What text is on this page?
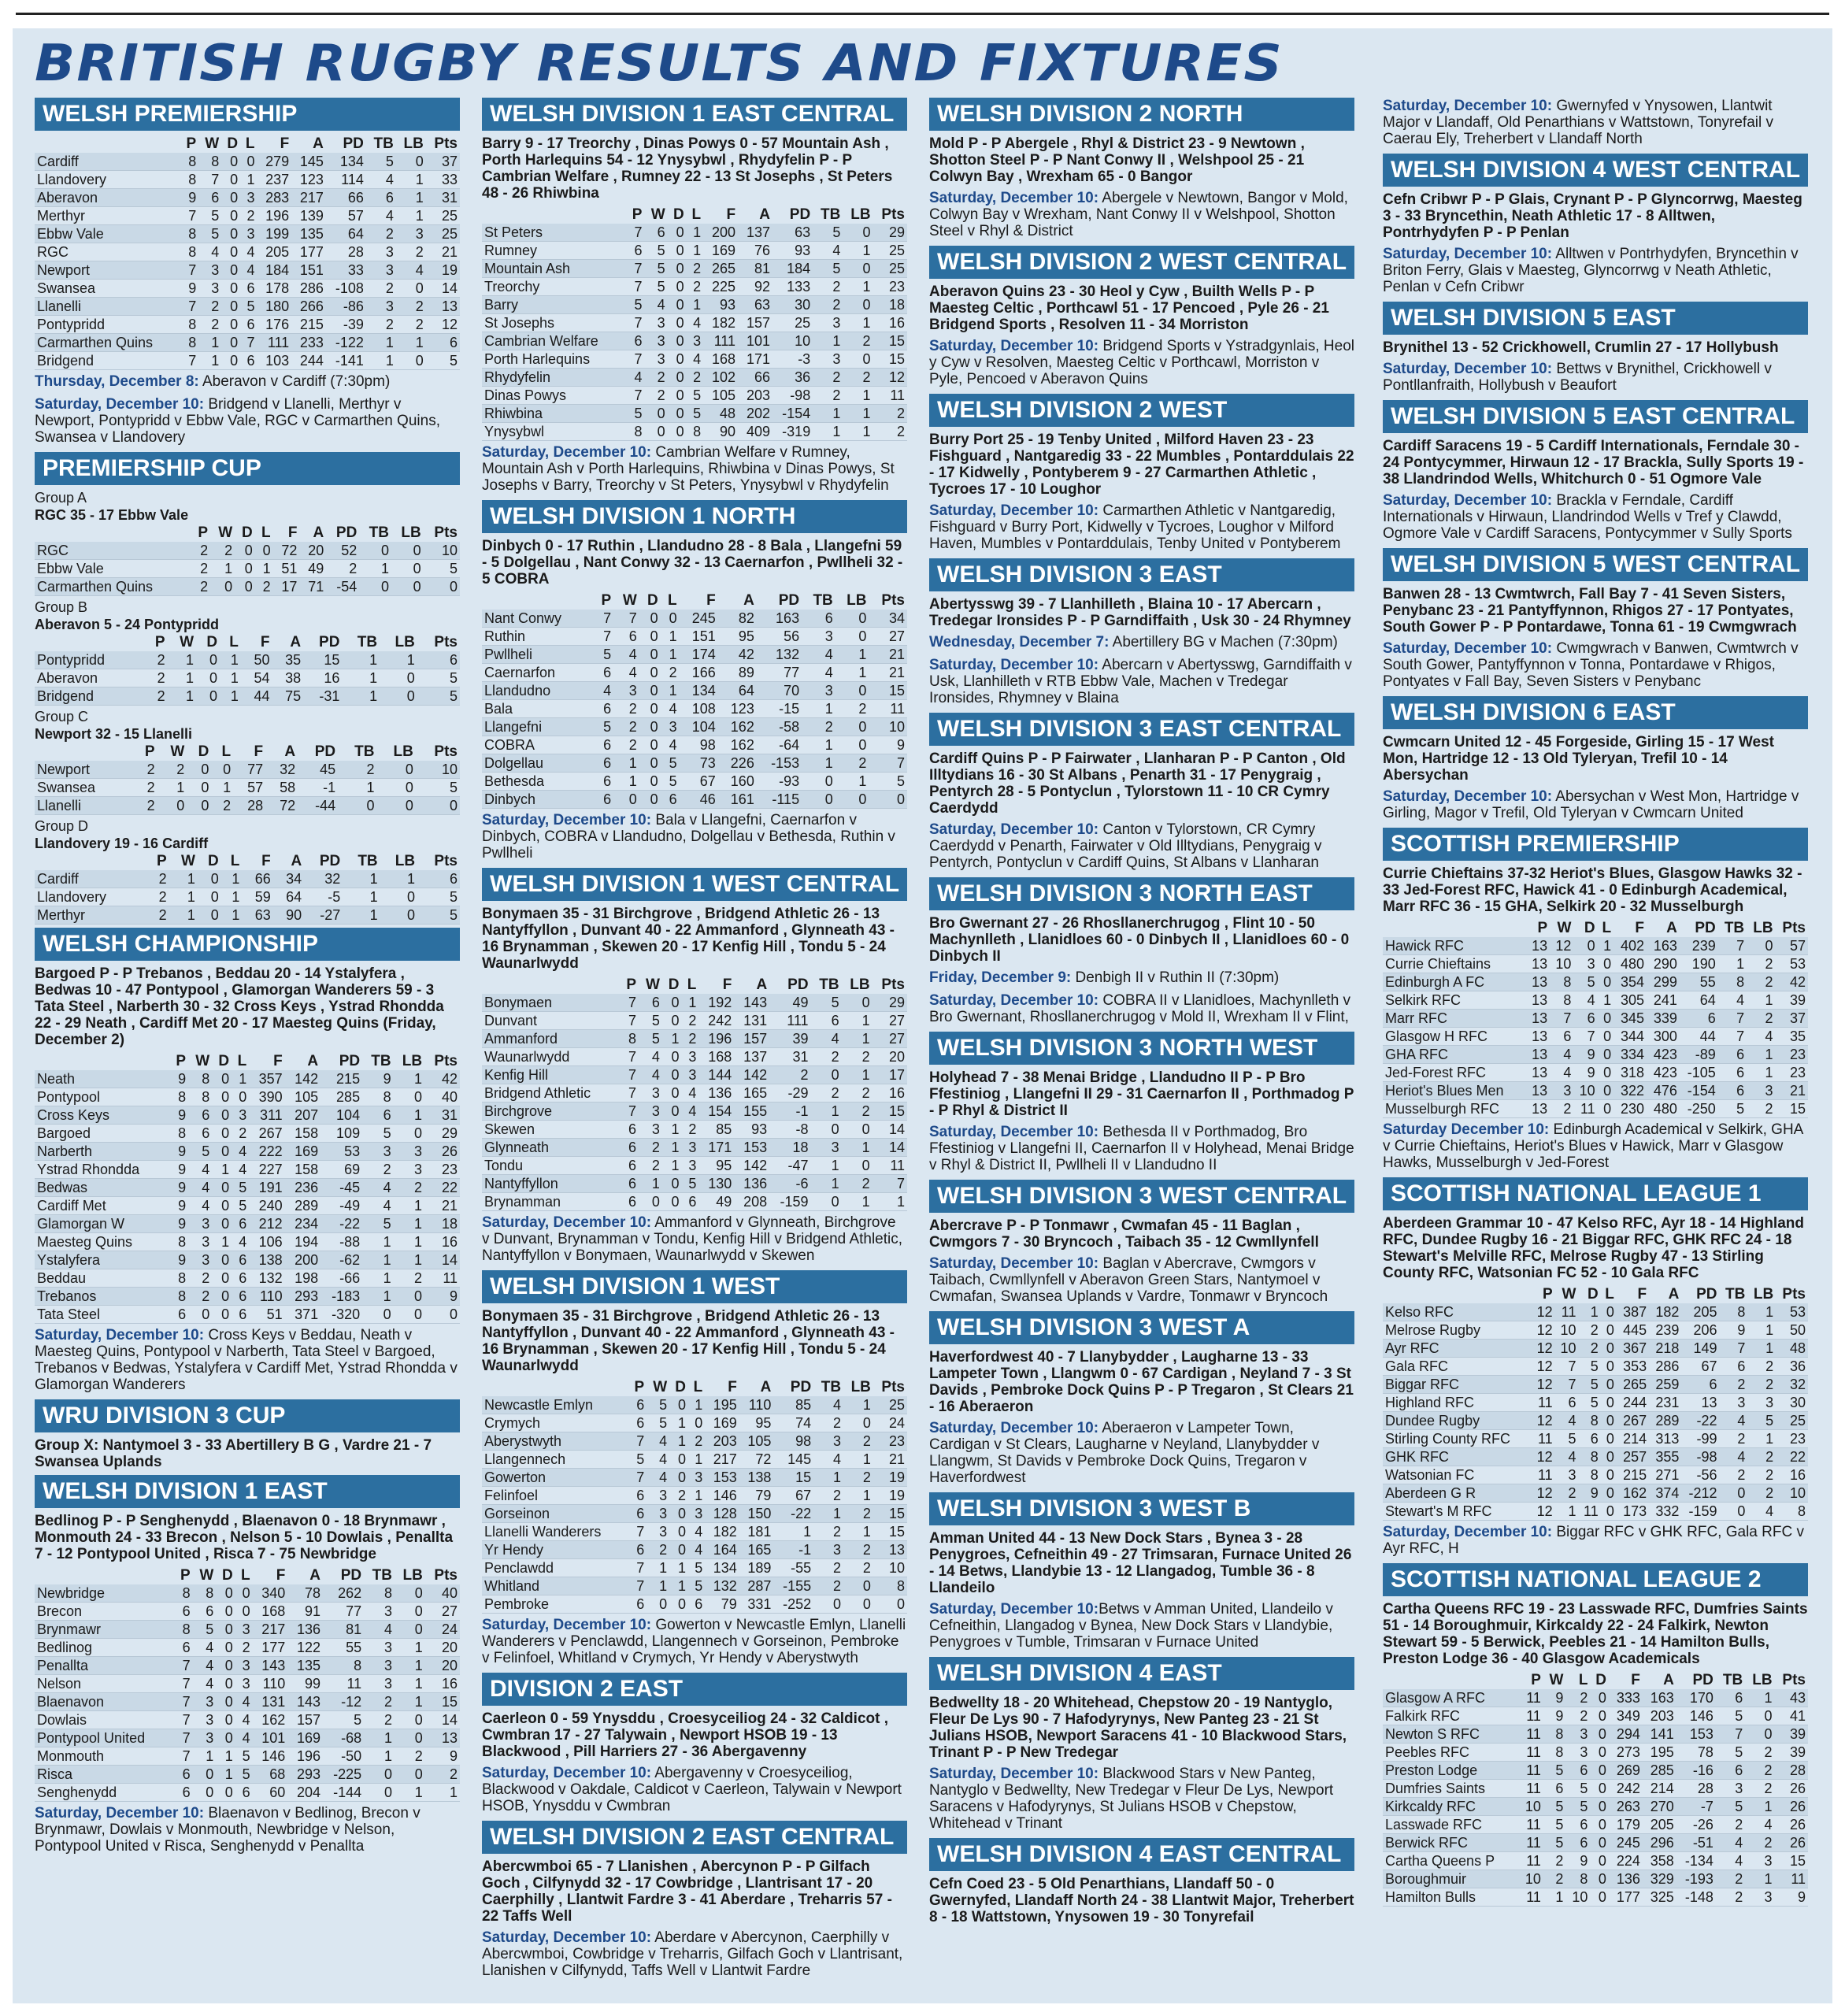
BRITISH RUGBY RESULTS AND FIXTURES
WELSH PREMIERSHIP
	P	W	D	L	F	A	PD	TB	LB	Pts
Cardiff	8	8	0	0	279	145	134	5	0	37
Llandovery	8	7	0	1	237	123	114	4	1	33
Aberavon	9	6	0	3	283	217	66	6	1	31
Merthyr	7	5	0	2	196	139	57	4	1	25
Ebbw Vale	8	5	0	3	199	135	64	2	3	25
RGC	8	4	0	4	205	177	28	3	2	21
Newport	7	3	0	4	184	151	33	3	4	19
Swansea	9	3	0	6	178	286	-108	2	0	14
Llanelli	7	2	0	5	180	266	-86	3	2	13
Pontypridd	8	2	0	6	176	215	-39	2	2	12
Carmarthen Quins	8	1	0	7	111	233	-122	1	1	6
Bridgend	7	1	0	6	103	244	-141	1	0	5
Thursday, December 8: Aberavon v Cardiff (7:30pm)
Saturday, December 10: Bridgend v Llanelli, Merthyr v Newport, Pontypridd v Ebbw Vale, RGC v Carmarthen Quins, Swansea v Llandovery
PREMIERSHIP CUP
Group A
RGC 35 - 17 Ebbw Vale
	P	W	D	L	F	A	PD	TB	LB	Pts
RGC	2	2	0	0	72	20	52	0	0	10
Ebbw Vale	2	1	0	1	51	49	2	1	0	5
Carmarthen Quins	2	0	0	2	17	71	-54	0	0	0
Group B
Aberavon 5 - 24 Pontypridd
	P	W	D	L	F	A	PD	TB	LB	Pts
Pontypridd	2	1	0	1	50	35	15	1	1	6
Aberavon	2	1	0	1	54	38	16	1	0	5
Bridgend	2	1	0	1	44	75	-31	1	0	5
Group C
Newport 32 - 15 Llanelli
	P	W	D	L	F	A	PD	TB	LB	Pts
Newport	2	2	0	0	77	32	45	2	0	10
Swansea	2	1	0	1	57	58	-1	1	0	5
Llanelli	2	0	0	2	28	72	-44	0	0	0
Group D
Llandovery 19 - 16 Cardiff
	P	W	D	L	F	A	PD	TB	LB	Pts
Cardiff	2	1	0	1	66	34	32	1	1	6
Llandovery	2	1	0	1	59	64	-5	1	0	5
Merthyr	2	1	0	1	63	90	-27	1	0	5
WELSH CHAMPIONSHIP
Bargoed P - P Trebanos , Beddau 20 - 14 Ystalyfera , Bedwas 10 - 47 Pontypool , Glamorgan Wanderers 59 - 3 Tata Steel , Narberth 30 - 32 Cross Keys , Ystrad Rhondda 22 - 29 Neath , Cardiff Met 20 - 17 Maesteg Quins (Friday, December 2)
	P	W	D	L	F	A	PD	TB	LB	Pts
Neath	9	8	0	1	357	142	215	9	1	42
Pontypool	8	8	0	0	390	105	285	8	0	40
Cross Keys	9	6	0	3	311	207	104	6	1	31
Bargoed	8	6	0	2	267	158	109	5	0	29
Narberth	9	5	0	4	222	169	53	3	3	26
Ystrad Rhondda	9	4	1	4	227	158	69	2	3	23
Bedwas	9	4	0	5	191	236	-45	4	2	22
Cardiff Met	9	4	0	5	240	289	-49	4	1	21
Glamorgan W	9	3	0	6	212	234	-22	5	1	18
Maesteg Quins	8	3	1	4	106	194	-88	1	1	16
Ystalyfera	9	3	0	6	138	200	-62	1	1	14
Beddau	8	2	0	6	132	198	-66	1	2	11
Trebanos	8	2	0	6	110	293	-183	1	0	9
Tata Steel	6	0	0	6	51	371	-320	0	0	0
Saturday, December 10: Cross Keys v Beddau, Neath v Maesteg Quins, Pontypool v Narberth, Tata Steel v Bargoed, Trebanos v Bedwas, Ystalyfera v Cardiff Met, Ystrad Rhondda v Glamorgan Wanderers
WRU DIVISION 3 CUP
Group X: Nantymoel 3 - 33 Abertillery B G , Vardre 21 - 7 Swansea Uplands
WELSH DIVISION 1 EAST
Bedlinog P - P Senghenydd , Blaenavon 0 - 18 Brynmawr , Monmouth 24 - 33 Brecon , Nelson 5 - 10 Dowlais , Penallta 7 - 12 Pontypool United , Risca 7 - 75 Newbridge
	P	W	D	L	F	A	PD	TB	LB	Pts
Newbridge	8	8	0	0	340	78	262	8	0	40
Brecon	6	6	0	0	168	91	77	3	0	27
Brynmawr	8	5	0	3	217	136	81	4	0	24
Bedlinog	6	4	0	2	177	122	55	3	1	20
Penallta	7	4	0	3	143	135	8	3	1	20
Nelson	7	4	0	3	110	99	11	3	1	16
Blaenavon	7	3	0	4	131	143	-12	2	1	15
Dowlais	7	3	0	4	162	157	5	2	0	14
Pontypool United	7	3	0	4	101	169	-68	1	0	13
Monmouth	7	1	1	5	146	196	-50	1	2	9
Risca	6	0	1	5	68	293	-225	0	0	2
Senghenydd	6	0	0	6	60	204	-144	0	1	1
Saturday, December 10: Blaenavon v Bedlinog, Brecon v Brynmawr, Dowlais v Monmouth, Newbridge v Nelson, Pontypool United v Risca, Senghenydd v Penallta
WELSH DIVISION 1 EAST CENTRAL
Barry 9 - 17 Treorchy , Dinas Powys 0 - 57 Mountain Ash , Porth Harlequins 54 - 12 Ynysybwl , Rhydyfelin P - P Cambrian Welfare , Rumney 22 - 13 St Josephs , St Peters 48 - 26 Rhiwbina
	P	W	D	L	F	A	PD	TB	LB	Pts
St Peters	7	6	0	1	200	137	63	5	0	29
Rumney	6	5	0	1	169	76	93	4	1	25
Mountain Ash	7	5	0	2	265	81	184	5	0	25
Treorchy	7	5	0	2	225	92	133	2	1	23
Barry	5	4	0	1	93	63	30	2	0	18
St Josephs	7	3	0	4	182	157	25	3	1	16
Cambrian Welfare	6	3	0	3	111	101	10	1	2	15
Porth Harlequins	7	3	0	4	168	171	-3	3	0	15
Rhydyfelin	4	2	0	2	102	66	36	2	2	12
Dinas Powys	7	2	0	5	105	203	-98	2	1	11
Rhiwbina	5	0	0	5	48	202	-154	1	1	2
Ynysybwl	8	0	0	8	90	409	-319	1	1	2
Saturday, December 10: Cambrian Welfare v Rumney, Mountain Ash v Porth Harlequins, Rhiwbina v Dinas Powys, St Josephs v Barry, Treorchy v St Peters, Ynysybwl v Rhydyfelin
WELSH DIVISION 1 NORTH
Dinbych 0 - 17 Ruthin , Llandudno 28 - 8 Bala , Llangefni 59 - 5 Dolgellau , Nant Conwy 32 - 13 Caernarfon , Pwllheli 32 - 5 COBRA
	P	W	D	L	F	A	PD	TB	LB	Pts
Nant Conwy	7	7	0	0	245	82	163	6	0	34
Ruthin	7	6	0	1	151	95	56	3	0	27
Pwllheli	5	4	0	1	174	42	132	4	1	21
Caernarfon	6	4	0	2	166	89	77	4	1	21
Llandudno	4	3	0	1	134	64	70	3	0	15
Bala	6	2	0	4	108	123	-15	1	2	11
Llangefni	5	2	0	3	104	162	-58	2	0	10
COBRA	6	2	0	4	98	162	-64	1	0	9
Dolgellau	6	1	0	5	73	226	-153	1	2	7
Bethesda	6	1	0	5	67	160	-93	0	1	5
Dinbych	6	0	0	6	46	161	-115	0	0	0
Saturday, December 10: Bala v Llangefni, Caernarfon v Dinbych, COBRA v Llandudno, Dolgellau v Bethesda, Ruthin v Pwllheli
WELSH DIVISION 1 WEST CENTRAL
Bonymaen 35 - 31 Birchgrove , Bridgend Athletic 26 - 13 Nantyffyllon , Dunvant 40 - 22 Ammanford , Glynneath 43 - 16 Brynamman , Skewen 20 - 17 Kenfig Hill , Tondu 5 - 24 Waunarlwydd
	P	W	D	L	F	A	PD	TB	LB	Pts
Bonymaen	7	6	0	1	192	143	49	5	0	29
Dunvant	7	5	0	2	242	131	111	6	1	27
Ammanford	8	5	1	2	196	157	39	4	1	27
Waunarlwydd	7	4	0	3	168	137	31	2	2	20
Kenfig Hill	7	4	0	3	144	142	2	0	1	17
Bridgend Athletic	7	3	0	4	136	165	-29	2	2	16
Birchgrove	7	3	0	4	154	155	-1	1	2	15
Skewen	6	3	1	2	85	93	-8	0	0	14
Glynneath	6	2	1	3	171	153	18	3	1	14
Tondu	6	2	1	3	95	142	-47	1	0	11
Nantyffyllon	6	1	0	5	130	136	-6	1	2	7
Brynamman	6	0	0	6	49	208	-159	0	1	1
Saturday, December 10: Ammanford v Glynneath, Birchgrove v Dunvant, Brynamman v Tondu, Kenfig Hill v Bridgend Athletic, Nantyffyllon v Bonymaen, Waunarlwydd v Skewen
WELSH DIVISION 1 WEST
Bonymaen 35 - 31 Birchgrove , Bridgend Athletic 26 - 13 Nantyffyllon , Dunvant 40 - 22 Ammanford , Glynneath 43 - 16 Brynamman , Skewen 20 - 17 Kenfig Hill , Tondu 5 - 24 Waunarlwydd
	P	W	D	L	F	A	PD	TB	LB	Pts
Newcastle Emlyn	6	5	0	1	195	110	85	4	1	25
Crymych	6	5	1	0	169	95	74	2	0	24
Aberystwyth	7	4	1	2	203	105	98	3	2	23
Llangennech	5	4	0	1	217	72	145	4	1	21
Gowerton	7	4	0	3	153	138	15	1	2	19
Felinfoel	6	3	2	1	146	79	67	2	1	19
Gorseinon	6	3	0	3	128	150	-22	1	2	15
Llanelli Wanderers	7	3	0	4	182	181	1	2	1	15
Yr Hendy	6	2	0	4	164	165	-1	3	2	13
Penclawdd	7	1	1	5	134	189	-55	2	2	10
Whitland	7	1	1	5	132	287	-155	2	0	8
Pembroke	6	0	0	6	79	331	-252	0	0	0
Saturday, December 10: Gowerton v Newcastle Emlyn, Llanelli Wanderers v Penclawdd, Llangennech v Gorseinon, Pembroke v Felinfoel, Whitland v Crymych, Yr Hendy v Aberystwyth
DIVISION 2 EAST
Caerleon 0 - 59 Ynysddu , Croesyceiliog 24 - 32 Caldicot , Cwmbran 17 - 27 Talywain , Newport HSOB 19 - 13 Blackwood , Pill Harriers 27 - 36 Abergavenny
Saturday, December 10: Abergavenny v Croesyceiliog, Blackwood v Oakdale, Caldicot v Caerleon, Talywain v Newport HSOB, Ynysddu v Cwmbran
WELSH DIVISION 2 EAST CENTRAL
Abercwmboi 65 - 7 Llanishen , Abercynon P - P Gilfach Goch , Cilfynydd 32 - 17 Cowbridge , Llantrisant 17 - 20 Caerphilly , Llantwit Fardre 3 - 41 Aberdare , Treharris 57 - 22 Taffs Well
Saturday, December 10: Aberdare v Abercynon, Caerphilly v Abercwmboi, Cowbridge v Treharris, Gilfach Goch v Llantrisant, Llanishen v Cilfynydd, Taffs Well v Llantwit Fardre
WELSH DIVISION 2 NORTH
Mold P - P Abergele , Rhyl & District 23 - 9 Newtown , Shotton Steel P - P Nant Conwy II , Welshpool 25 - 21 Colwyn Bay , Wrexham 65 - 0 Bangor
Saturday, December 10: Abergele v Newtown, Bangor v Mold, Colwyn Bay v Wrexham, Nant Conwy II v Welshpool, Shotton Steel v Rhyl & District
WELSH DIVISION 2 WEST CENTRAL
Aberavon Quins 23 - 30 Heol y Cyw , Builth Wells P - P Maesteg Celtic , Porthcawl 51 - 17 Pencoed , Pyle 26 - 21 Bridgend Sports , Resolven 11 - 34 Morriston
Saturday, December 10: Bridgend Sports v Ystradgynlais, Heol y Cyw v Resolven, Maesteg Celtic v Porthcawl, Morriston v Pyle, Pencoed v Aberavon Quins
WELSH DIVISION 2 WEST
Burry Port 25 - 19 Tenby United , Milford Haven 23 - 23 Fishguard , Nantgaredig 33 - 22 Mumbles , Pontarddulais 22 - 17 Kidwelly , Pontyberem 9 - 27 Carmarthen Athletic , Tycroes 17 - 10 Loughor
Saturday, December 10: Carmarthen Athletic v Nantgaredig, Fishguard v Burry Port, Kidwelly v Tycroes, Loughor v Milford Haven, Mumbles v Pontarddulais, Tenby United v Pontyberem
WELSH DIVISION 3 EAST
Abertysswg 39 - 7 Llanhilleth , Blaina 10 - 17 Abercarn , Tredegar Ironsides P - P Garndiffaith , Usk 30 - 24 Rhymney
Wednesday, December 7: Abertillery BG v Machen (7:30pm)
Saturday, December 10: Abercarn v Abertysswg, Garndiffaith v Usk, Llanhilleth v RTB Ebbw Vale, Machen v Tredegar Ironsides, Rhymney v Blaina
WELSH DIVISION 3 EAST CENTRAL
Cardiff Quins P - P Fairwater , Llanharan P - P Canton , Old Illtydians 16 - 30 St Albans , Penarth 31 - 17 Penygraig , Pentyrch 28 - 5 Pontyclun , Tylorstown 11 - 10 CR Cymry Caerdydd
Saturday, December 10: Canton v Tylorstown, CR Cymry Caerdydd v Penarth, Fairwater v Old Illtydians, Penygraig v Pentyrch, Pontyclun v Cardiff Quins, St Albans v Llanharan
WELSH DIVISION 3 NORTH EAST
Bro Gwernant 27 - 26 Rhosllanerchrugog , Flint 10 - 50 Machynlleth , Llanidloes 60 - 0 Dinbych II , Llanidloes 60 - 0 Dinbych II
Friday, December 9: Denbigh II v Ruthin II (7:30pm)
Saturday, December 10: COBRA II v Llanidloes, Machynlleth v Bro Gwernant, Rhosllanerchrugog v Mold II, Wrexham II v Flint,
WELSH DIVISION 3 NORTH WEST
Holyhead 7 - 38 Menai Bridge , Llandudno II P - P Bro Ffestiniog , Llangefni II 29 - 31 Caernarfon II , Porthmadog P - P Rhyl & District II
Saturday, December 10: Bethesda II v Porthmadog, Bro Ffestiniog v Llangefni II, Caernarfon II v Holyhead, Menai Bridge v Rhyl & District II, Pwllheli II v Llandudno II
WELSH DIVISION 3 WEST CENTRAL
Abercrave P - P Tonmawr , Cwmafan 45 - 11 Baglan , Cwmgors 7 - 30 Bryncoch , Taibach 35 - 12 Cwmllynfell
Saturday, December 10: Baglan v Abercrave, Cwmgors v Taibach, Cwmllynfell v Aberavon Green Stars, Nantymoel v Cwmafan, Swansea Uplands v Vardre, Tonmawr v Bryncoch
WELSH DIVISION 3 WEST A
Haverfordwest 40 - 7 Llanybydder , Laugharne 13 - 33 Lampeter Town , Llangwm 0 - 67 Cardigan , Neyland 7 - 3 St Davids , Pembroke Dock Quins P - P Tregaron , St Clears 21 - 16 Aberaeron
Saturday, December 10: Aberaeron v Lampeter Town, Cardigan v St Clears, Laugharne v Neyland, Llanybydder v Llangwm, St Davids v Pembroke Dock Quins, Tregaron v Haverfordwest
WELSH DIVISION 3 WEST B
Amman United 44 - 13 New Dock Stars , Bynea 3 - 28 Penygroes, Cefneithin 49 - 27 Trimsaran, Furnace United 26 - 14 Betws, Llandybie 13 - 12 Llangadog, Tumble 36 - 8 Llandeilo
Saturday, December 10:Betws v Amman United, Llandeilo v Cefneithin, Llangadog v Bynea, New Dock Stars v Llandybie, Penygroes v Tumble, Trimsaran v Furnace United
WELSH DIVISION 4 EAST
Bedwellty 18 - 20 Whitehead, Chepstow 20 - 19 Nantyglo, Fleur De Lys 90 - 7 Hafodyrynys, New Panteg 23 - 21 St Julians HSOB, Newport Saracens 41 - 10 Blackwood Stars, Trinant P - P New Tredegar
Saturday, December 10: Blackwood Stars v New Panteg, Nantyglo v Bedwellty, New Tredegar v Fleur De Lys, Newport Saracens v Hafodyrynys, St Julians HSOB v Chepstow, Whitehead v Trinant
WELSH DIVISION 4 EAST CENTRAL
Cefn Coed 23 - 5 Old Penarthians, Llandaff 50 - 0 Gwernyfed, Llandaff North 24 - 38 Llantwit Major, Treherbert 8 - 18 Wattstown, Ynysowen 19 - 30 Tonyrefail
Saturday, December 10: Gwernyfed v Ynysowen, Llantwit Major v Llandaff, Old Penarthians v Wattstown, Tonyrefail v Caerau Ely, Treherbert v Llandaff North
WELSH DIVISION 4 WEST CENTRAL
Cefn Cribwr P - P Glais, Crynant P - P Glyncorrwg, Maesteg 3 - 33 Bryncethin, Neath Athletic 17 - 8 Alltwen, Pontrhydyfen P - P Penlan
Saturday, December 10: Alltwen v Pontrhydyfen, Bryncethin v Briton Ferry, Glais v Maesteg, Glyncorrwg v Neath Athletic, Penlan v Cefn Cribwr
WELSH DIVISION 5 EAST
Brynithel 13 - 52 Crickhowell, Crumlin 27 - 17 Hollybush
Saturday, December 10: Bettws v Brynithel, Crickhowell v Pontllanfraith, Hollybush v Beaufort
WELSH DIVISION 5 EAST CENTRAL
Cardiff Saracens 19 - 5 Cardiff Internationals, Ferndale 30 - 24 Pontycymmer, Hirwaun 12 - 17 Brackla, Sully Sports 19 - 38 Llandrindod Wells, Whitchurch 0 - 51 Ogmore Vale
Saturday, December 10: Brackla v Ferndale, Cardiff Internationals v Hirwaun, Llandrindod Wells v Tref y Clawdd, Ogmore Vale v Cardiff Saracens, Pontycymmer v Sully Sports
WELSH DIVISION 5 WEST CENTRAL
Banwen 28 - 13 Cwmtwrch, Fall Bay 7 - 41 Seven Sisters, Penybanc 23 - 21 Pantyffynnon, Rhigos 27 - 17 Pontyates, South Gower P - P Pontardawe, Tonna 61 - 19 Cwmgwrach
Saturday, December 10: Cwmgwrach v Banwen, Cwmtwrch v South Gower, Pantyffynnon v Tonna, Pontardawe v Rhigos, Pontyates v Fall Bay, Seven Sisters v Penybanc
WELSH DIVISION 6 EAST
Cwmcarn United 12 - 45 Forgeside, Girling 15 - 17 West Mon, Hartridge 12 - 13 Old Tyleryan, Trefil 10 - 14 Abersychan
Saturday, December 10: Abersychan v West Mon, Hartridge v Girling, Magor v Trefil, Old Tyleryan v Cwmcarn United
SCOTTISH PREMIERSHIP
Currie Chieftains 37-32 Heriot's Blues, Glasgow Hawks 32 - 33 Jed-Forest RFC, Hawick 41 - 0 Edinburgh Academical, Marr RFC 36 - 15 GHA, Selkirk 20 - 32 Musselburgh
	P	W	D	L	F	A	PD	TB	LB	Pts
Hawick RFC	13	12	0	1	402	163	239	7	0	57
Currie Chieftains	13	10	3	0	480	290	190	1	2	53
Edinburgh A FC	13	8	5	0	354	299	55	8	2	42
Selkirk RFC	13	8	4	1	305	241	64	4	1	39
Marr RFC	13	7	6	0	345	339	6	7	2	37
Glasgow H RFC	13	6	7	0	344	300	44	7	4	35
GHA RFC	13	4	9	0	334	423	-89	6	1	23
Jed-Forest RFC	13	4	9	0	318	423	-105	6	1	23
Heriot's Blues Men	13	3	10	0	322	476	-154	6	3	21
Musselburgh RFC	13	2	11	0	230	480	-250	5	2	15
Saturday December 10: Edinburgh Academical v Selkirk, GHA v Currie Chieftains, Heriot's Blues v Hawick, Marr v Glasgow Hawks, Musselburgh v Jed-Forest
SCOTTISH NATIONAL LEAGUE 1
Aberdeen Grammar 10 - 47 Kelso RFC, Ayr 18 - 14 Highland RFC, Dundee Rugby 16 - 21 Biggar RFC, GHK RFC 24 - 18 Stewart's Melville RFC, Melrose Rugby 47 - 13 Stirling County RFC, Watsonian FC 52 - 10 Gala RFC
	P	W	D	L	F	A	PD	TB	LB	Pts
Kelso RFC	12	11	1	0	387	182	205	8	1	53
Melrose Rugby	12	10	2	0	445	239	206	9	1	50
Ayr RFC	12	10	2	0	367	218	149	7	1	48
Gala RFC	12	7	5	0	353	286	67	6	2	36
Biggar RFC	12	7	5	0	265	259	6	2	2	32
Highland RFC	11	6	5	0	244	231	13	3	3	30
Dundee Rugby	12	4	8	0	267	289	-22	4	5	25
Stirling County RFC	11	5	6	0	214	313	-99	2	1	23
GHK RFC	12	4	8	0	257	355	-98	4	2	22
Watsonian FC	11	3	8	0	215	271	-56	2	2	16
Aberdeen G R	12	2	9	0	162	374	-212	0	2	10
Stewart's M RFC	12	1	11	0	173	332	-159	0	4	8
Saturday, December 10: Biggar RFC v GHK RFC, Gala RFC v Ayr RFC, H
SCOTTISH NATIONAL LEAGUE 2
Cartha Queens RFC 19 - 23 Lasswade RFC, Dumfries Saints 51 - 14 Boroughmuir, Kirkcaldy 22 - 24 Falkirk, Newton Stewart 59 - 5 Berwick, Peebles 21 - 14 Hamilton Bulls, Preston Lodge 36 - 40 Glasgow Academicals
	P	W	L	D	F	A	PD	TB	LB	Pts
Glasgow A RFC	11	9	2	0	333	163	170	6	1	43
Falkirk RFC	11	9	2	0	349	203	146	5	0	41
Newton S RFC	11	8	3	0	294	141	153	7	0	39
Peebles RFC	11	8	3	0	273	195	78	5	2	39
Preston Lodge	11	5	6	0	269	285	-16	6	2	28
Dumfries Saints	11	6	5	0	242	214	28	3	2	26
Kirkcaldy RFC	10	5	5	0	263	270	-7	5	1	26
Lasswade RFC	11	5	6	0	179	205	-26	2	4	26
Berwick RFC	11	5	6	0	245	296	-51	4	2	26
Cartha Queens P	11	2	9	0	224	358	-134	4	3	15
Boroughmuir	10	2	8	0	136	329	-193	2	1	11
Hamilton Bulls	11	1	10	0	177	325	-148	2	3	9
